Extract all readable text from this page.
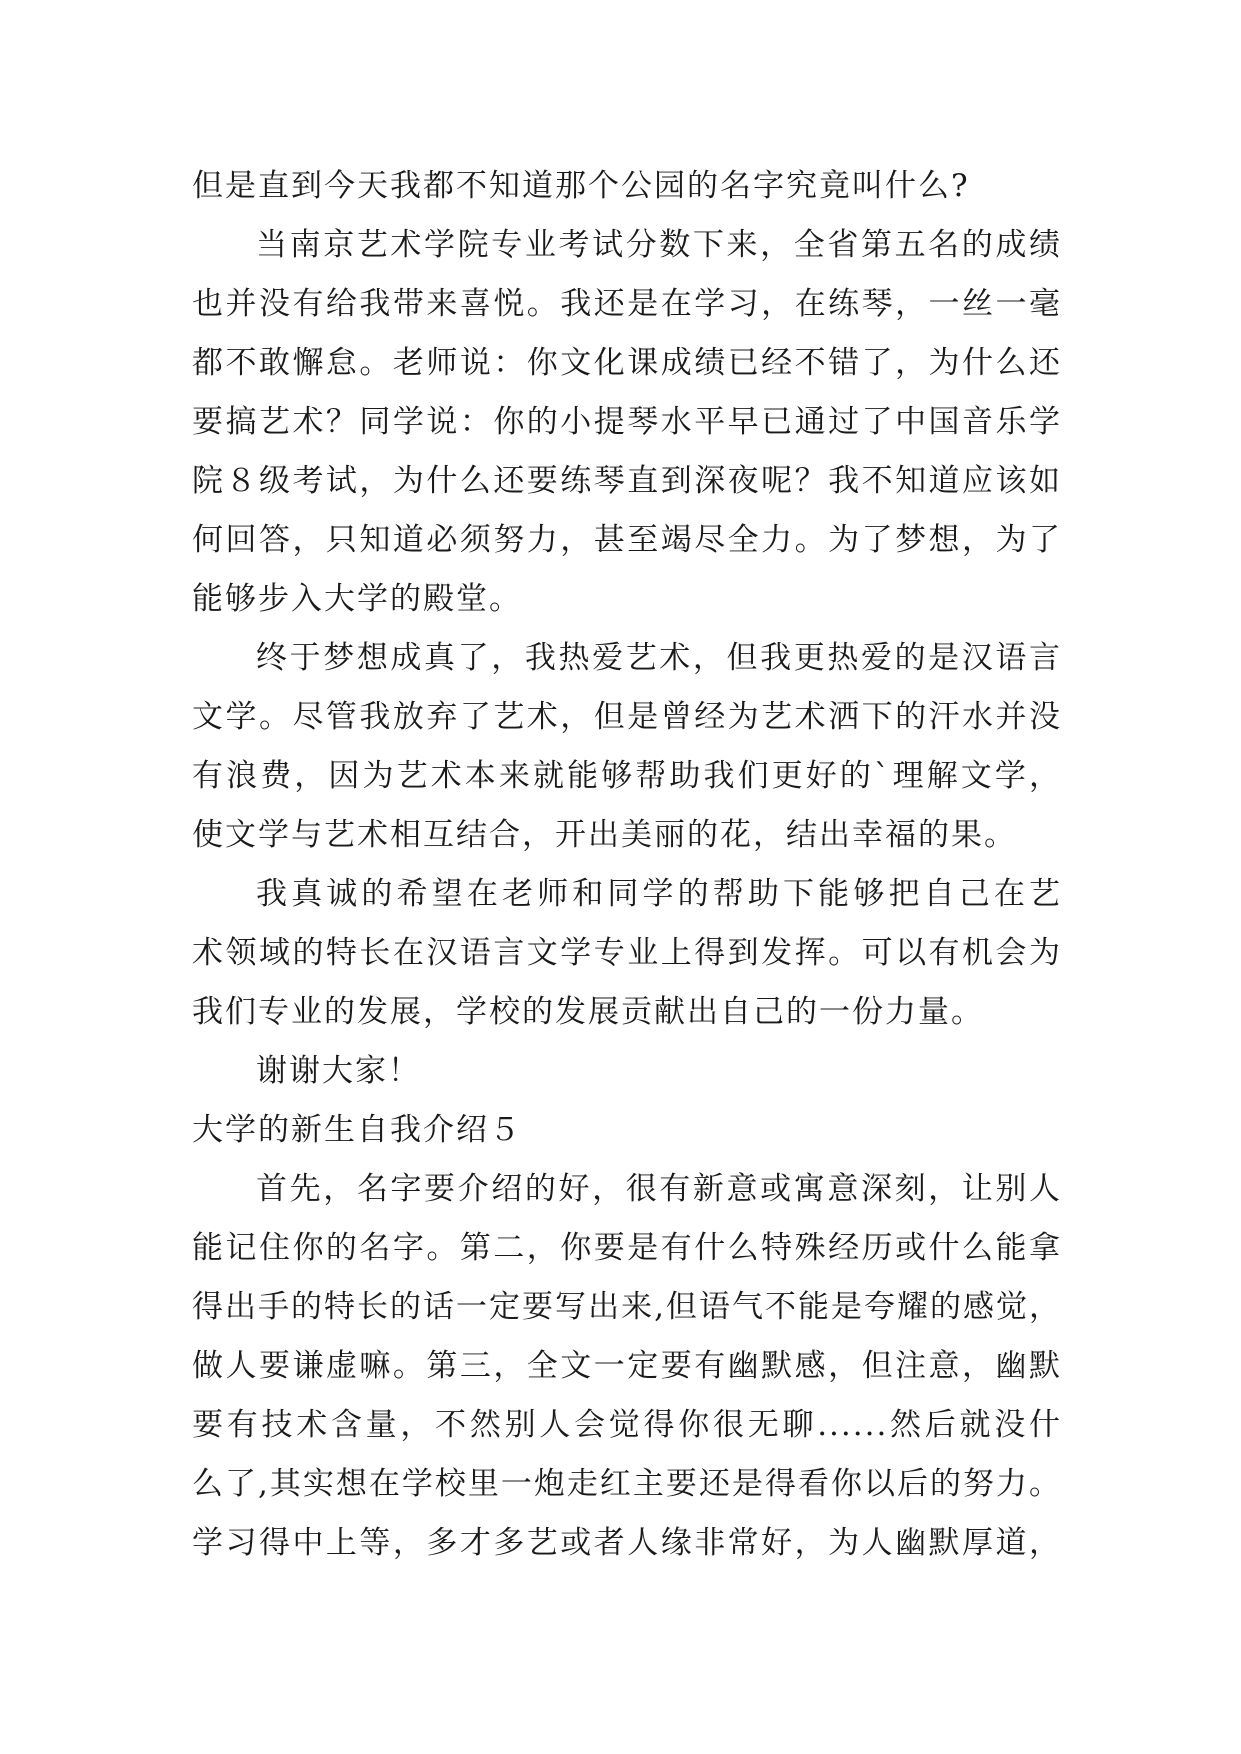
但是直到今天我都不知道那个公园的名字究竟叫什么?
当南京艺术学院专业考试分数下来，全省第五名的成绩
也并没有给我带来喜悦。我还是在学习，在练琴，一丝一毫
都不敢懈怠。老师说：你文化课成绩已经不错了，为什么还
要搞艺术？同学说：你的小提琴水平早已通过了中国音乐学
院８级考试，为什么还要练琴直到深夜呢？我不知道应该如
何回答，只知道必须努力，甚至竭尽全力。为了梦想，为了
能够步入大学的殿堂。
终于梦想成真了，我热爱艺术，但我更热爱的是汉语言
文学。尽管我放弃了艺术，但是曾经为艺术洒下的汗水并没
有浪费，因为艺术本来就能够帮助我们更好的`理解文学，
使文学与艺术相互结合，开出美丽的花，结出幸福的果。
我真诚的希望在老师和同学的帮助下能够把自己在艺
术领域的特长在汉语言文学专业上得到发挥。可以有机会为
我们专业的发展，学校的发展贡献出自己的一份力量。
谢谢大家！
大学的新生自我介绍５
首先，名字要介绍的好，很有新意或寓意深刻，让别人
能记住你的名字。第二，你要是有什么特殊经历或什么能拿
得出手的特长的话一定要写出来,但语气不能是夸耀的感觉，
做人要谦虚嘛。第三，全文一定要有幽默感，但注意，幽默
要有技术含量，不然别人会觉得你很无聊......然后就没什
么了,其实想在学校里一炮走红主要还是得看你以后的努力。
学习得中上等，多才多艺或者人缘非常好，为人幽默厚道，
